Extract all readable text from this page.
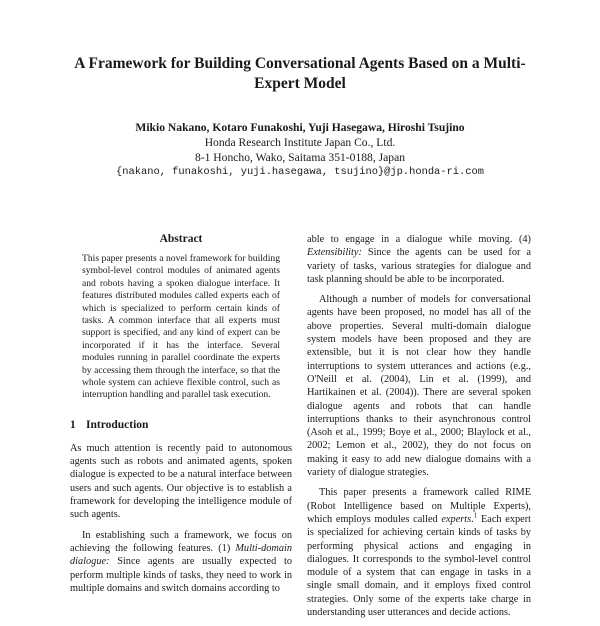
A Framework for Building Conversational Agents Based on a Multi-Expert Model
Mikio Nakano, Kotaro Funakoshi, Yuji Hasegawa, Hiroshi Tsujino
Honda Research Institute Japan Co., Ltd.
8-1 Honcho, Wako, Saitama 351-0188, Japan
{nakano, funakoshi, yuji.hasegawa, tsujino}@jp.honda-ri.com
Abstract

This paper presents a novel framework for building symbol-level control modules of animated agents and robots having a spoken dialogue interface. It features distributed modules called experts each of which is specialized to perform certain kinds of tasks. A common interface that all experts must support is specified, and any kind of expert can be incorporated if it has the interface. Several modules running in parallel coordinate the experts by accessing them through the interface, so that the whole system can achieve flexible control, such as interruption handling and parallel task execution.

1 Introduction

As much attention is recently paid to autonomous agents such as robots and animated agents, spoken dialogue is expected to be a natural interface between users and such agents. Our objective is to establish a framework for developing the intelligence module of such agents.

In establishing such a framework, we focus on achieving the following features. (1) Multi-domain dialogue: Since agents are usually expected to perform multiple kinds of tasks, they need to work in multiple domains and switch domains according to

able to engage in a dialogue while moving. (4) Extensibility: Since the agents can be used for a variety of tasks, various strategies for dialogue and task planning should be able to be incorporated.

Although a number of models for conversational agents have been proposed, no model has all of the above properties. Several multi-domain dialogue system models have been proposed and they are extensible, but it is not clear how they handle interruptions to system utterances and actions (e.g., O'Neill et al. (2004), Lin et al. (1999), and Hartikainen et al. (2004)). There are several spoken dialogue agents and robots that can handle interruptions thanks to their asynchronous control (Asoh et al., 1999; Boye et al., 2000; Blaylock et al., 2002; Lemon et al., 2002), they do not focus on making it easy to add new dialogue domains with a variety of dialogue strategies.

This paper presents a framework called RIME (Robot Intelligence based on Multiple Experts), which employs modules called experts.$^1$ Each expert is specialized for achieving certain kinds of tasks by performing physical actions and engaging in dialogues. It corresponds to the symbol-level control module of a system that can engage in tasks in a single small domain, and it employs fixed control strategies. Only some of the experts take charge in understanding user utterances and decide actions.
